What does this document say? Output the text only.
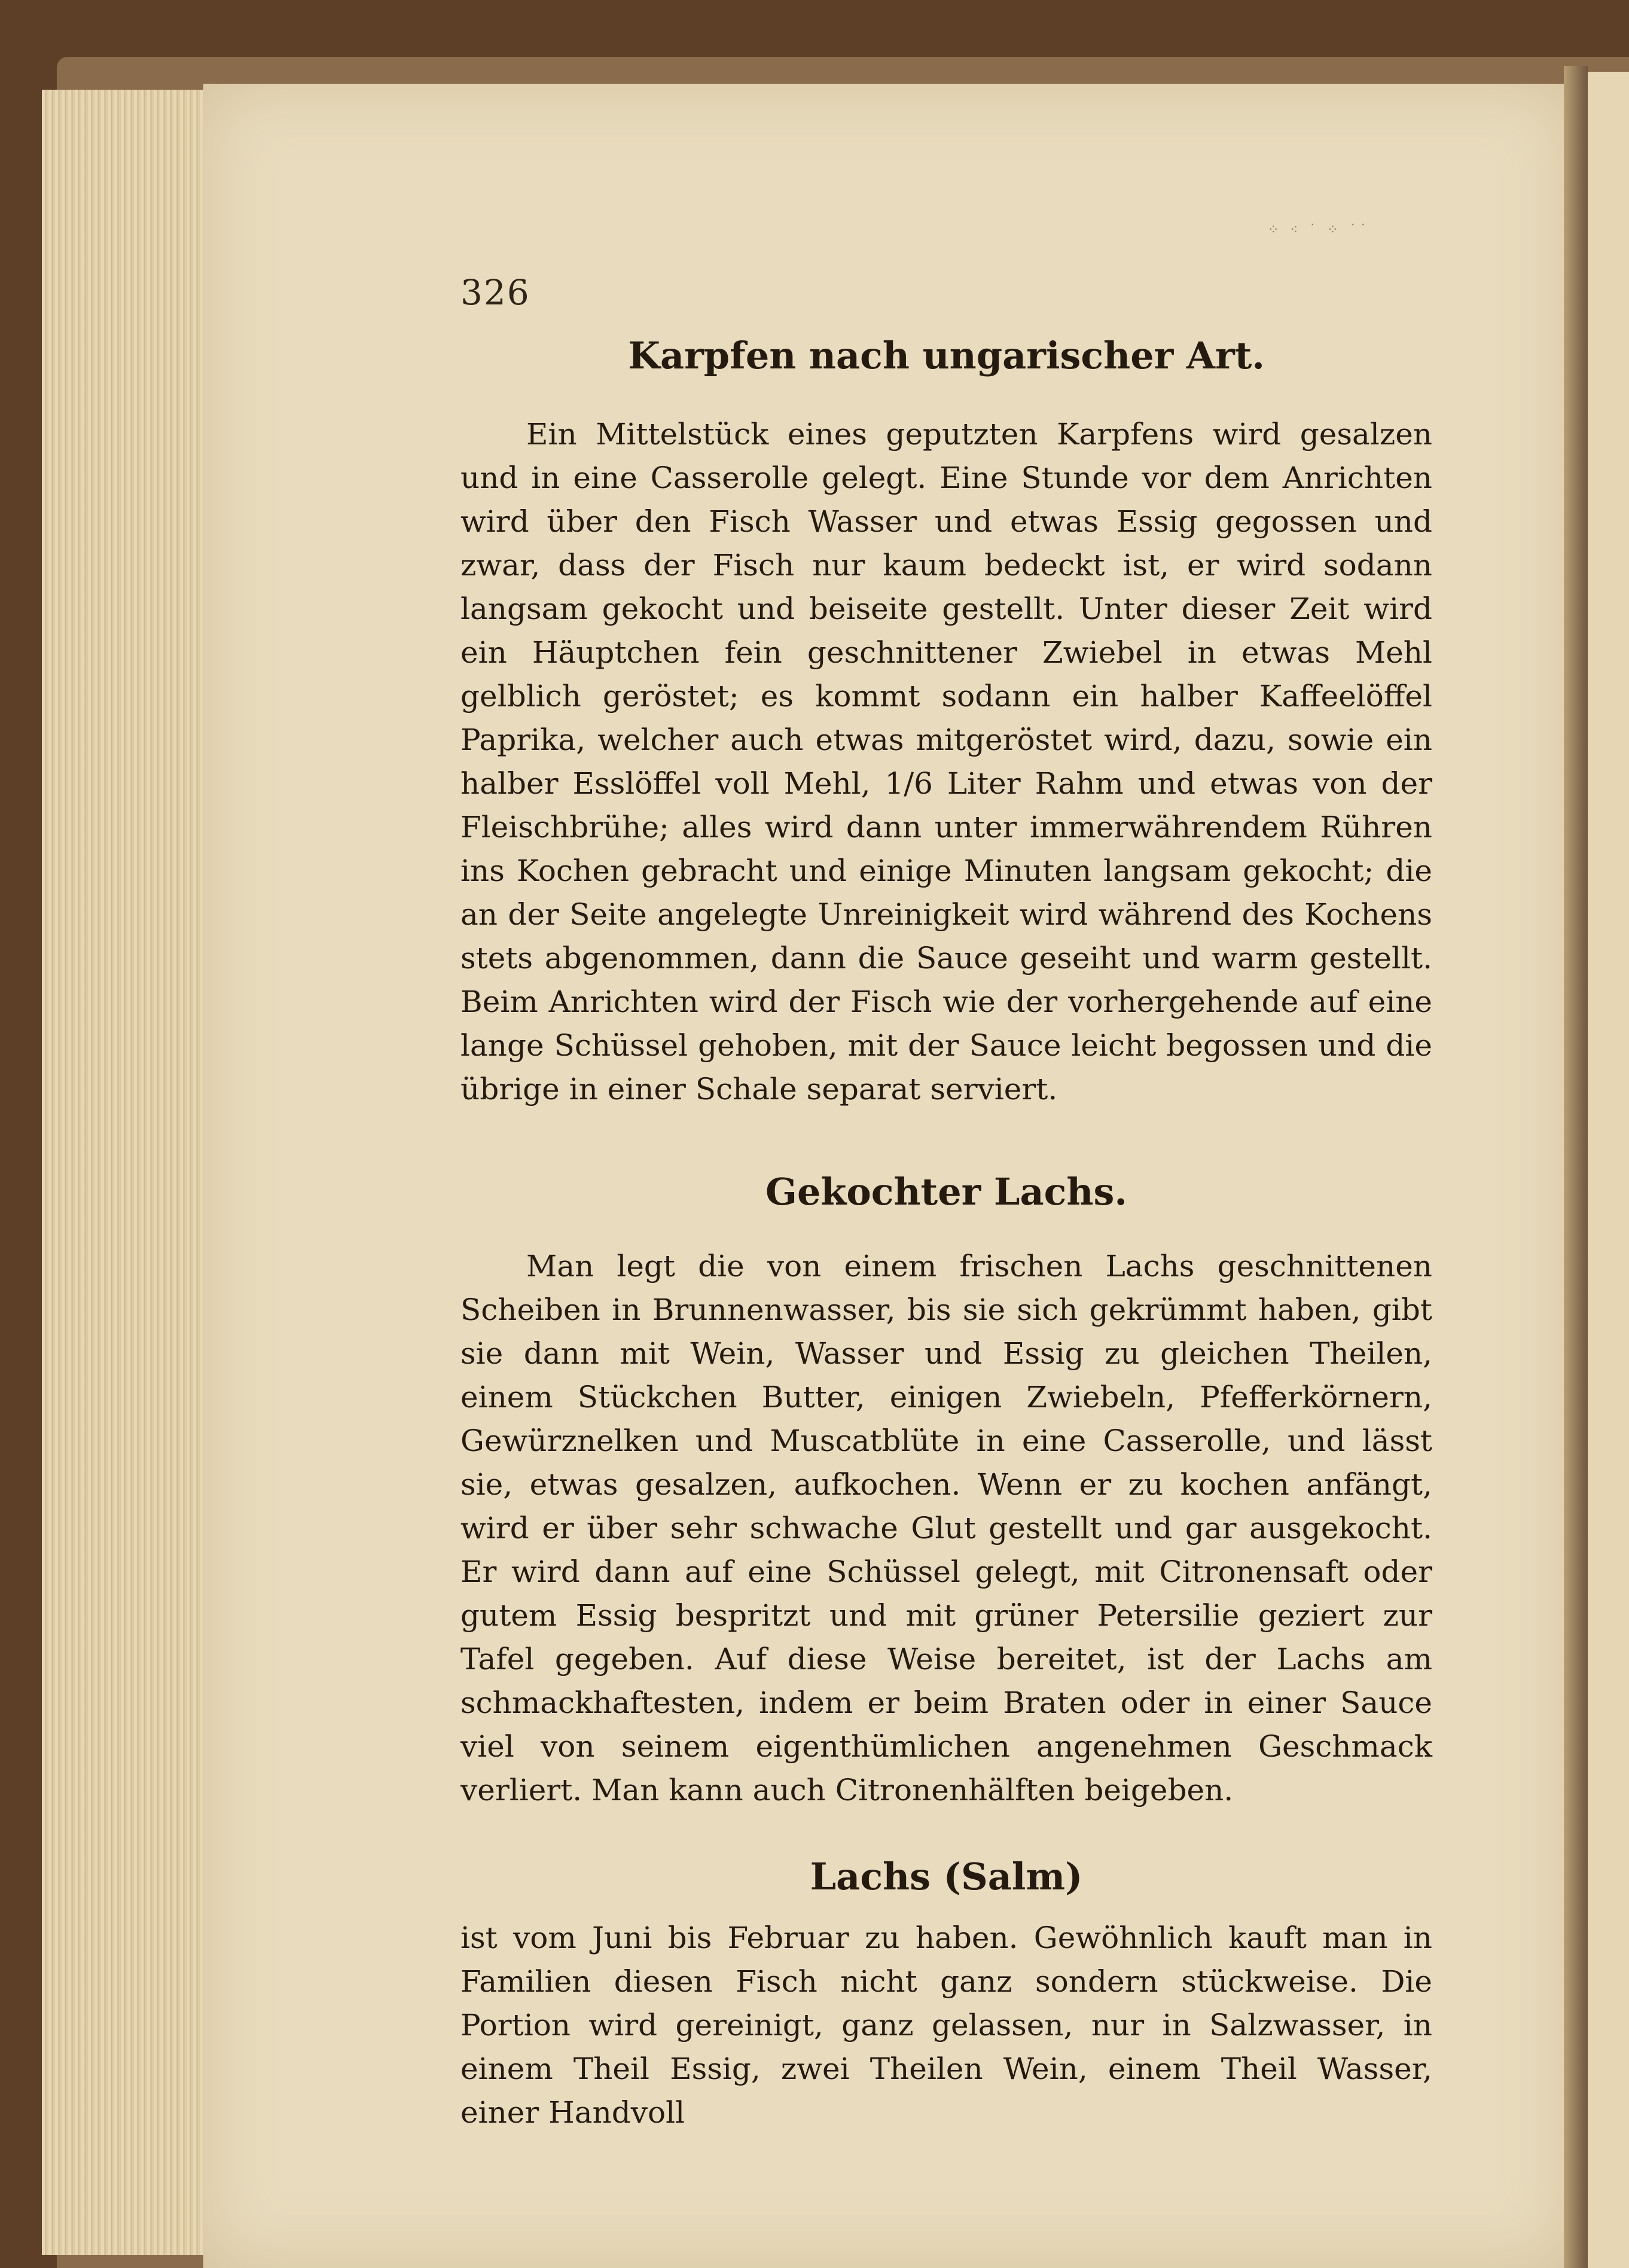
⁘ ⁖ ˙ ⁘ ˙˙
326
Karpfen nach ungarischer Art.

Ein Mittelstück eines geputzten Karpfens wird gesalzen und in eine Casserolle gelegt. Eine Stunde vor dem Anrichten wird über den Fisch Wasser und etwas Essig gegossen und zwar, dass der Fisch nur kaum bedeckt ist, er wird sodann langsam gekocht und beiseite gestellt. Unter dieser Zeit wird ein Häuptchen fein geschnittener Zwiebel in etwas Mehl gelblich geröstet; es kommt sodann ein halber Kaffeelöffel Paprika, welcher auch etwas mitgeröstet wird, dazu, sowie ein halber Esslöffel voll Mehl, 1/6 Liter Rahm und etwas von der Fleischbrühe; alles wird dann unter immerwährendem Rühren ins Kochen gebracht und einige Minuten langsam gekocht; die an der Seite angelegte Unreinigkeit wird während des Kochens stets abgenommen, dann die Sauce geseiht und warm gestellt. Beim Anrichten wird der Fisch wie der vorhergehende auf eine lange Schüssel gehoben, mit der Sauce leicht begossen und die übrige in einer Schale separat serviert.

Gekochter Lachs.

Man legt die von einem frischen Lachs geschnittenen Scheiben in Brunnenwasser, bis sie sich gekrümmt haben, gibt sie dann mit Wein, Wasser und Essig zu gleichen Theilen, einem Stückchen Butter, einigen Zwiebeln, Pfefferkörnern, Gewürznelken und Muscatblüte in eine Casserolle, und lässt sie, etwas gesalzen, aufkochen. Wenn er zu kochen anfängt, wird er über sehr schwache Glut gestellt und gar ausgekocht. Er wird dann auf eine Schüssel gelegt, mit Citronensaft oder gutem Essig bespritzt und mit grüner Petersilie geziert zur Tafel gegeben. Auf diese Weise bereitet, ist der Lachs am schmackhaftesten, indem er beim Braten oder in einer Sauce viel von seinem eigenthümlichen angenehmen Geschmack verliert. Man kann auch Citronenhälften beigeben.

Lachs (Salm)

ist vom Juni bis Februar zu haben. Gewöhnlich kauft man in Familien diesen Fisch nicht ganz sondern stückweise. Die Portion wird gereinigt, ganz gelassen, nur in Salzwasser, in einem Theil Essig, zwei Theilen Wein, einem Theil Wasser, einer Handvoll
